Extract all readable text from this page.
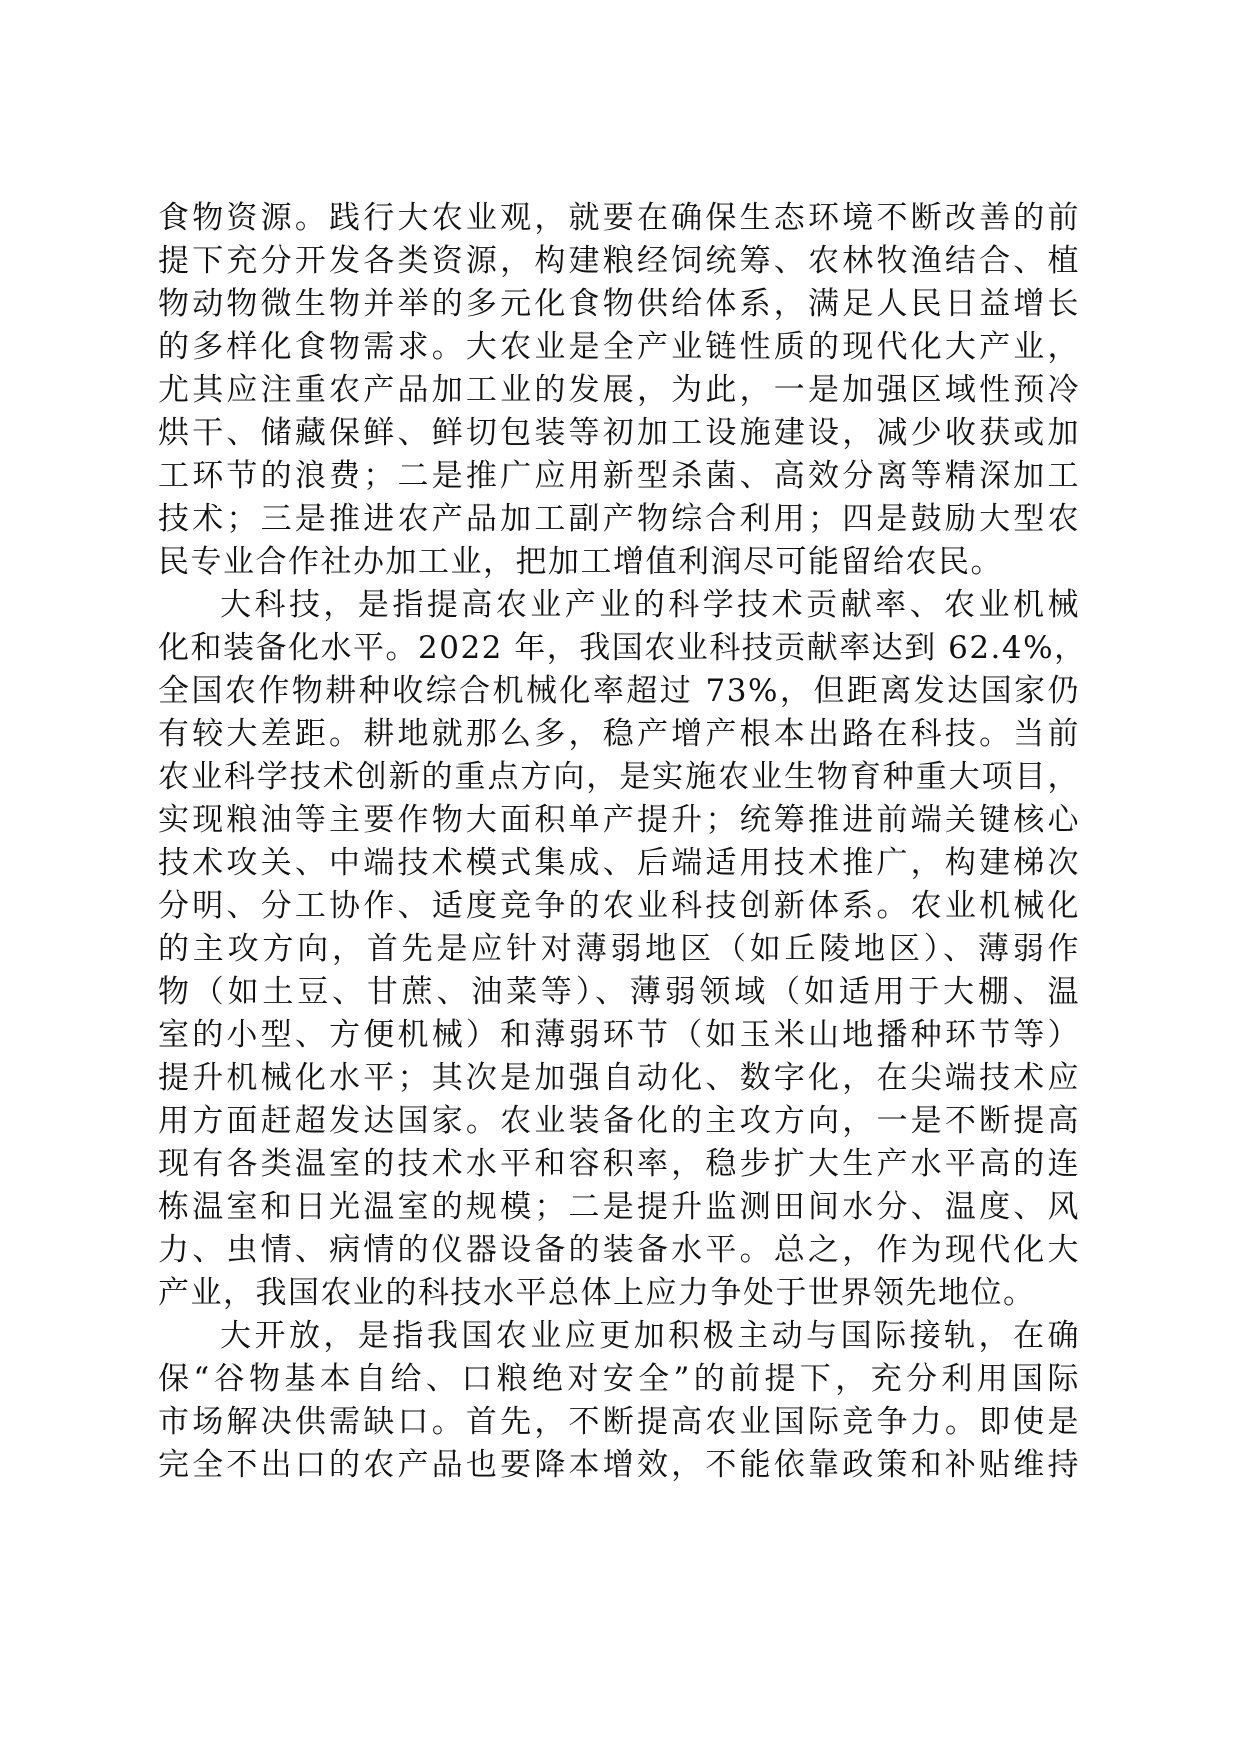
食物资源。践行大农业观，就要在确保生态环境不断改善的前
提下充分开发各类资源，构建粮经饲统筹、农林牧渔结合、植
物动物微生物并举的多元化食物供给体系，满足人民日益增长
的多样化食物需求。大农业是全产业链性质的现代化大产业，
尤其应注重农产品加工业的发展，为此，一是加强区域性预冷
烘干、储藏保鲜、鲜切包装等初加工设施建设，减少收获或加
工环节的浪费；二是推广应用新型杀菌、高效分离等精深加工
技术；三是推进农产品加工副产物综合利用；四是鼓励大型农
民专业合作社办加工业，把加工增值利润尽可能留给农民。
大科技，是指提高农业产业的科学技术贡献率、农业机械
化和装备化水平。2022 年，我国农业科技贡献率达到 62.4%，
全国农作物耕种收综合机械化率超过 73%，但距离发达国家仍
有较大差距。耕地就那么多，稳产增产根本出路在科技。当前
农业科学技术创新的重点方向，是实施农业生物育种重大项目，
实现粮油等主要作物大面积单产提升；统筹推进前端关键核心
技术攻关、中端技术模式集成、后端适用技术推广，构建梯次
分明、分工协作、适度竞争的农业科技创新体系。农业机械化
的主攻方向，首先是应针对薄弱地区（如丘陵地区）、薄弱作
物（如土豆、甘蔗、油菜等）、薄弱领域（如适用于大棚、温
室的小型、方便机械）和薄弱环节（如玉米山地播种环节等）
提升机械化水平；其次是加强自动化、数字化，在尖端技术应
用方面赶超发达国家。农业装备化的主攻方向，一是不断提高
现有各类温室的技术水平和容积率，稳步扩大生产水平高的连
栋温室和日光温室的规模；二是提升监测田间水分、温度、风
力、虫情、病情的仪器设备的装备水平。总之，作为现代化大
产业，我国农业的科技水平总体上应力争处于世界领先地位。
大开放，是指我国农业应更加积极主动与国际接轨，在确
保“谷物基本自给、口粮绝对安全”的前提下，充分利用国际
市场解决供需缺口。首先，不断提高农业国际竞争力。即使是
完全不出口的农产品也要降本增效，不能依靠政策和补贴维持
